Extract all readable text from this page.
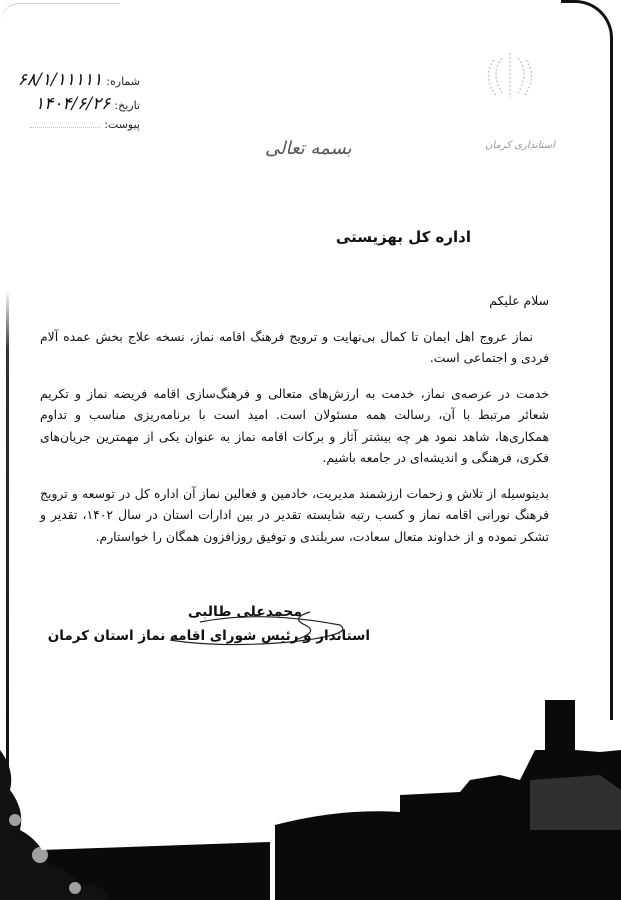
شماره:
۶۸/۱/۱۱۱۱۱
تاریخ:
۱۴۰۴/۶/۲۶
پیوست:
استانداری کرمان
بسمه تعالی
اداره کل بهزیستی

سلام علیکم

نماز عروج اهل ایمان تا کمال بی‌نهایت و ترویج فرهنگ اقامه نماز، نسخه علاج بخش عمده آلام فردی و اجتماعی است.

خدمت در عرصه‌ی نماز، خدمت به ارزش‌های متعالی و فرهنگ‌سازی اقامه فریضه نماز و تکریم شعائر مرتبط با آن، رسالت همه مسئولان است. امید است با برنامه‌ریزی مناسب و تداوم همکاری‌ها، شاهد نمود هر چه بیشتر آثار و برکات اقامه نماز به عنوان یکی از مهمترین جریان‌های فکری، فرهنگی و اندیشه‌ای در جامعه باشیم.

بدینوسیله از تلاش و زحمات ارزشمند مدیریت، خادمین و فعالین نماز آن اداره کل در توسعه و ترویج فرهنگ نورانی اقامه نماز و کسب رتبه شایسته تقدیر در بین ادارات استان در سال ۱۴۰۲، تقدیر و تشکر نموده و از خداوند متعال سعادت، سربلندی و توفیق روزافزون همگان را خواستارم.

محمدعلی طالبی
استاندار و رئیس شورای اقامه نماز استان کرمان
